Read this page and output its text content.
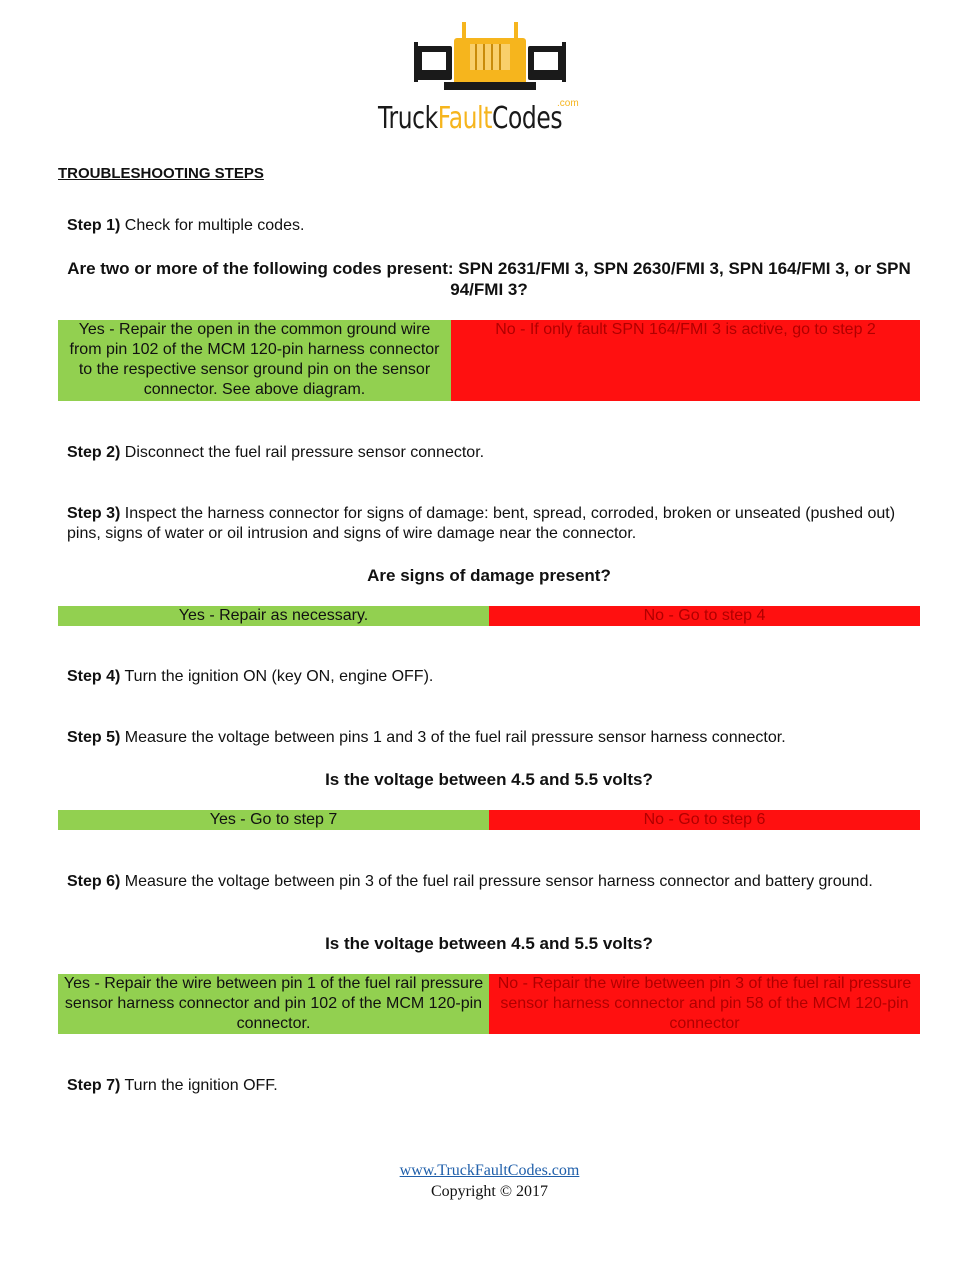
TruckFaultCodes
.com
TROUBLESHOOTING STEPS
Step 1) Check for multiple codes.
Are two or more of the following codes present: SPN 2631/FMI 3, SPN 2630/FMI 3, SPN 164/FMI 3, or SPN 94/FMI 3?
Yes - Repair the open in the common ground wire from pin 102 of the MCM 120-pin harness connector to the respective sensor ground pin on the sensor connector. See above diagram.
No - If only fault SPN 164/FMI 3 is active, go to step 2
Step 2) Disconnect the fuel rail pressure sensor connector.
Step 3) Inspect the harness connector for signs of damage: bent, spread, corroded, broken or unseated (pushed out) pins, signs of water or oil intrusion and signs of wire damage near the connector.
Are signs of damage present?
Yes - Repair as necessary.	No - Go to step 4
Step 4) Turn the ignition ON (key ON, engine OFF).
Step 5) Measure the voltage between pins 1 and 3 of the fuel rail pressure sensor harness connector.
Is the voltage between 4.5 and 5.5 volts?
Yes - Go to step 7	No - Go to step 6
Step 6) Measure the voltage between pin 3 of the fuel rail pressure sensor harness connector and battery ground.
Is the voltage between 4.5 and 5.5 volts?
Yes - Repair the wire between pin 1 of the fuel rail pressure sensor harness connector and pin 102 of the MCM 120-pin connector.
No - Repair the wire between pin 3 of the fuel rail pressure sensor harness connector and pin 58 of the MCM 120-pin connector
Step 7) Turn the ignition OFF.
www.TruckFaultCodes.com
Copyright © 2017
